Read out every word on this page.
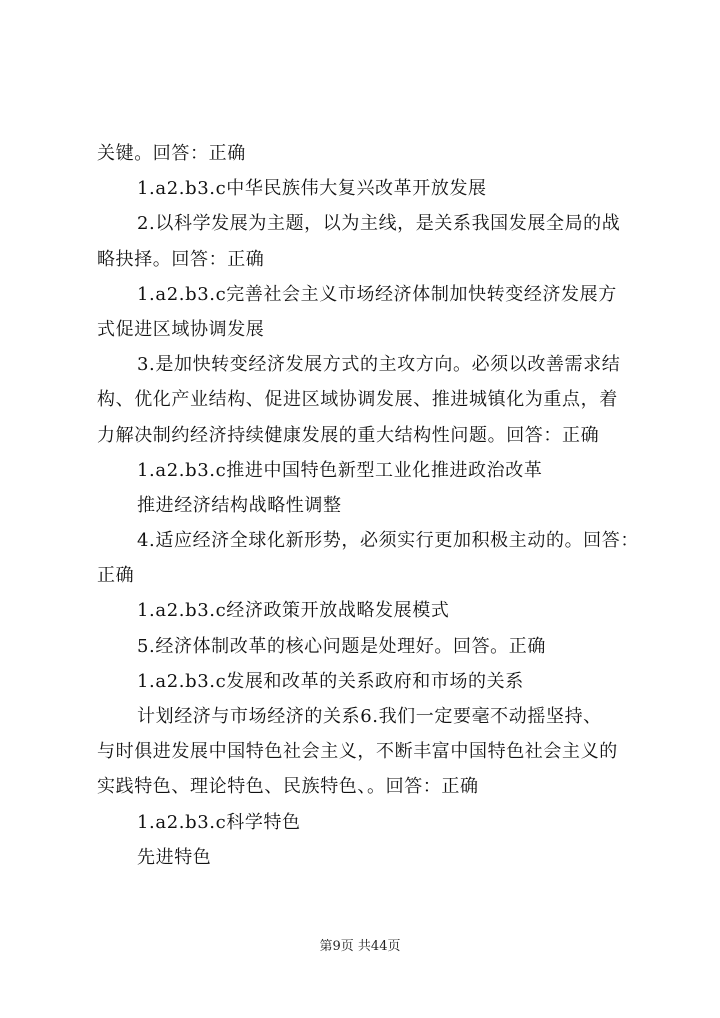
关键。回答：正确
1.a2.b3.c中华民族伟大复兴改革开放发展
2.以科学发展为主题，以为主线，是关系我国发展全局的战
略抉择。回答：正确
1.a2.b3.c完善社会主义市场经济体制加快转变经济发展方
式促进区域协调发展
3.是加快转变经济发展方式的主攻方向。必须以改善需求结
构、优化产业结构、促进区域协调发展、推进城镇化为重点，着
力解决制约经济持续健康发展的重大结构性问题。回答：正确
1.a2.b3.c推进中国特色新型工业化推进政治改革
推进经济结构战略性调整
4.适应经济全球化新形势，必须实行更加积极主动的。回答：
正确
1.a2.b3.c经济政策开放战略发展模式
5.经济体制改革的核心问题是处理好。回答。正确
1.a2.b3.c发展和改革的关系政府和市场的关系
计划经济与市场经济的关系6.我们一定要毫不动摇坚持、
与时俱进发展中国特色社会主义，不断丰富中国特色社会主义的
实践特色、理论特色、民族特色、。回答：正确
1.a2.b3.c科学特色
先进特色
第9页 共44页
